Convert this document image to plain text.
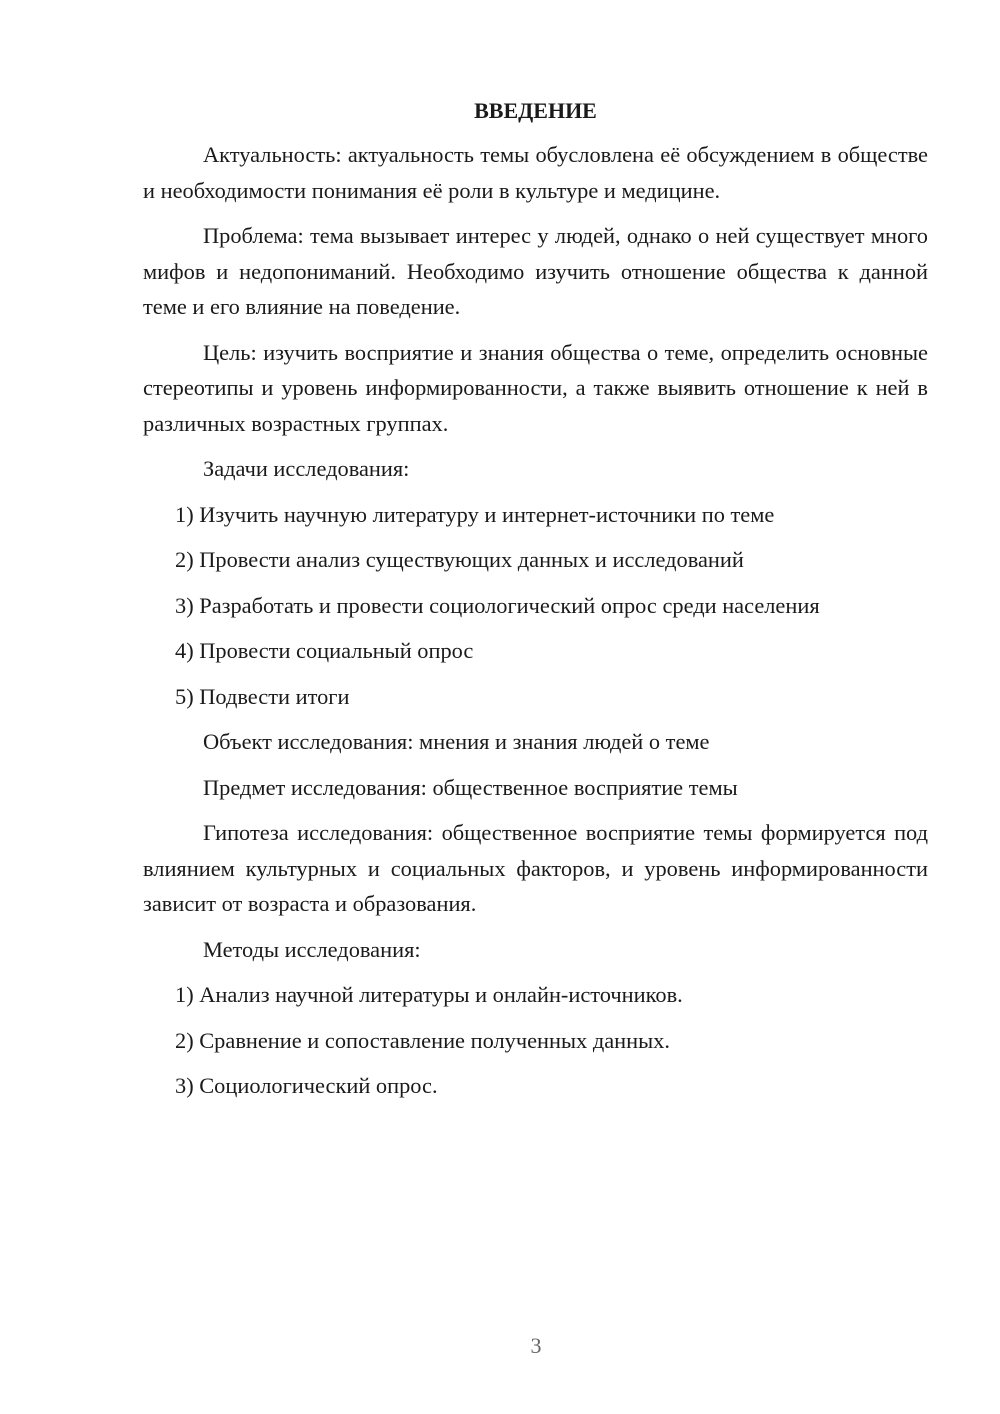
ВВЕДЕНИЕ

Актуальность: актуальность темы обусловлена её обсуждением в обществе и необходимости понимания её роли в культуре и медицине.

Проблема: тема вызывает интерес у людей, однако о ней существует много мифов и недопониманий. Необходимо изучить отношение общества к данной теме и его влияние на поведение.

Цель: изучить восприятие и знания общества о теме, определить основные стереотипы и уровень информированности, а также выявить отношение к ней в различных возрастных группах.

Задачи исследования:

1) Изучить научную литературу и интернет-источники по теме

2) Провести анализ существующих данных и исследований

3) Разработать и провести социологический опрос среди населения

4) Провести социальный опрос

5) Подвести итоги

Объект исследования: мнения и знания людей о теме

Предмет исследования: общественное восприятие темы

Гипотеза исследования: общественное восприятие темы формируется под влиянием культурных и социальных факторов, и уровень информированности зависит от возраста и образования.

Методы исследования:

1) Анализ научной литературы и онлайн-источников.

2) Сравнение и сопоставление полученных данных.

3) Социологический опрос.

3
